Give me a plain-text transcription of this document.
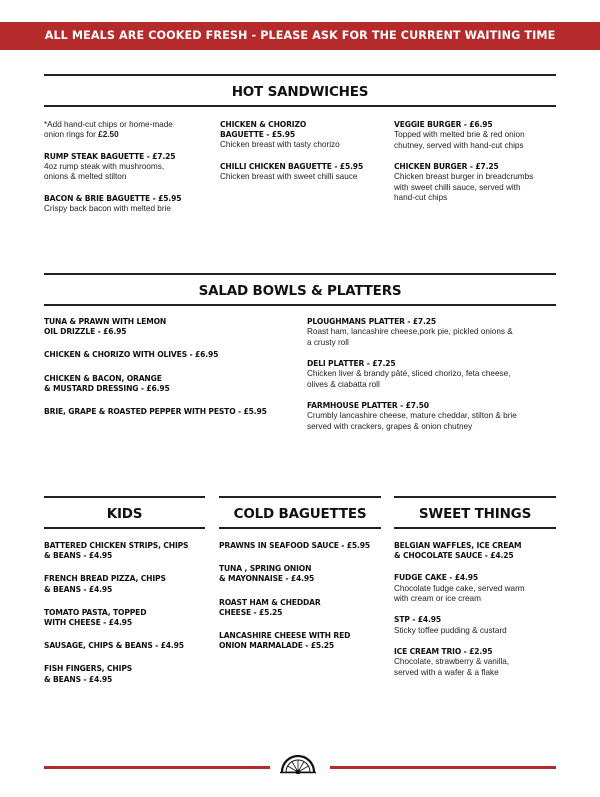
ALL MEALS ARE COOKED FRESH - PLEASE ASK FOR THE CURRENT WAITING TIME
HOT SANDWICHES
*Add hand-cut chips or home-made
onion rings for £2.50
RUMP STEAK BAGUETTE - £7.25
4oz rump steak with mushrooms,
onions & melted stilton
BACON & BRIE BAGUETTE - £5.95
Crispy back bacon with melted brie
CHICKEN & CHORIZO
BAGUETTE - £5.95
Chicken breast with tasty chorizo
CHILLI CHICKEN BAGUETTE - £5.95
Chicken breast with sweet chilli sauce
VEGGIE BURGER - £6.95
Topped with melted brie & red onion
chutney, served with hand-cut chips
CHICKEN BURGER - £7.25
Chicken breast burger in breadcrumbs
with sweet chilli sauce, served with
hand-cut chips
SALAD BOWLS & PLATTERS
TUNA & PRAWN WITH LEMON
OIL DRIZZLE - £6.95
CHICKEN & CHORIZO WITH OLIVES - £6.95
CHICKEN & BACON, ORANGE
& MUSTARD DRESSING - £6.95
BRIE, GRAPE & ROASTED PEPPER WITH PESTO - £5.95
PLOUGHMANS PLATTER - £7.25
Roast ham, lancashire cheese,pork pie, pickled onions &
a crusty roll
DELI PLATTER - £7.25
Chicken liver & brandy pâté, sliced chorizo, feta cheese,
olives & ciabatta roll
FARMHOUSE PLATTER - £7.50
Crumbly lancashire cheese, mature cheddar, stilton & brie
served with crackers, grapes & onion chutney
KIDS
BATTERED CHICKEN STRIPS, CHIPS
& BEANS - £4.95
FRENCH BREAD PIZZA, CHIPS
& BEANS - £4.95
TOMATO PASTA, TOPPED
WITH CHEESE - £4.95
SAUSAGE, CHIPS & BEANS - £4.95
FISH FINGERS, CHIPS
& BEANS - £4.95
COLD BAGUETTES
PRAWNS IN SEAFOOD SAUCE - £5.95
TUNA , SPRING ONION
& MAYONNAISE - £4.95
ROAST HAM & CHEDDAR
CHEESE - £5.25
LANCASHIRE CHEESE WITH RED
ONION MARMALADE - £5.25
SWEET THINGS
BELGIAN WAFFLES, ICE CREAM
& CHOCOLATE SAUCE - £4.25
FUDGE CAKE - £4.95
Chocolate fudge cake, served warm
with cream or ice cream
STP - £4.95
Sticky toffee pudding & custard
ICE CREAM TRIO - £2.95
Chocolate, strawberry & vanilla,
served with a wafer & a flake
